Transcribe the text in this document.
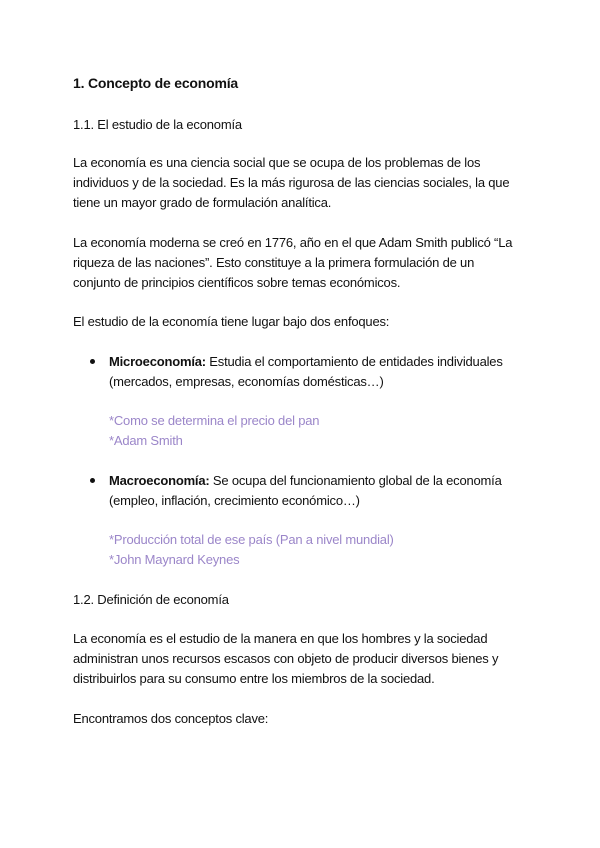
1. Concepto de economía
1.1. El estudio de la economía
La economía es una ciencia social que se ocupa de los problemas de los
individuos y de la sociedad. Es la más rigurosa de las ciencias sociales, la que
tiene un mayor grado de formulación analítica.
La economía moderna se creó en 1776, año en el que Adam Smith publicó “La
riqueza de las naciones”. Esto constituye a la primera formulación de un
conjunto de principios científicos sobre temas económicos.
El estudio de la economía tiene lugar bajo dos enfoques:
Microeconomía: Estudia el comportamiento de entidades individuales
(mercados, empresas, economías domésticas…)
*Como se determina el precio del pan
*Adam Smith
Macroeconomía: Se ocupa del funcionamiento global de la economía
(empleo, inflación, crecimiento económico…)
*Producción total de ese país (Pan a nivel mundial)
*John Maynard Keynes
1.2. Definición de economía
La economía es el estudio de la manera en que los hombres y la sociedad
administran unos recursos escasos con objeto de producir diversos bienes y
distribuirlos para su consumo entre los miembros de la sociedad.
Encontramos dos conceptos clave:
